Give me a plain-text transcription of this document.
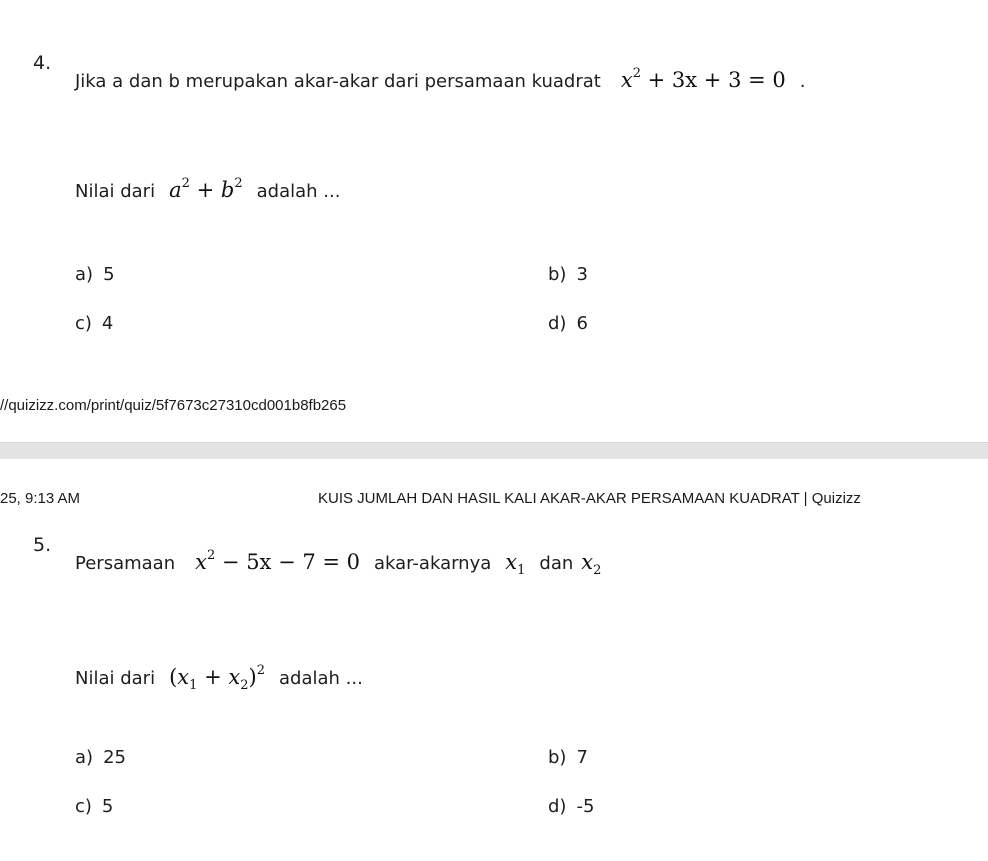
4.
Jika a dan b merupakan akar-akar dari persamaan kuadrat $x^2 + 3x + 3 = 0$ .
Nilai dari $a^2 + b^2$ adalah ...
a) 5	b) 3
c) 4	d) 6
//quizizz.com/print/quiz/5f7673c27310cd001b8fb265
25, 9:13 AM	KUIS JUMLAH DAN HASIL KALI AKAR-AKAR PERSAMAAN KUADRAT | Quizizz
5.
Persamaan $x^2 - 5x - 7 = 0$ akar-akarnya $x_1$ dan $x_2$
Nilai dari $(x_1 + x_2)^2$ adalah ...
a) 25	b) 7
c) 5	d) -5
